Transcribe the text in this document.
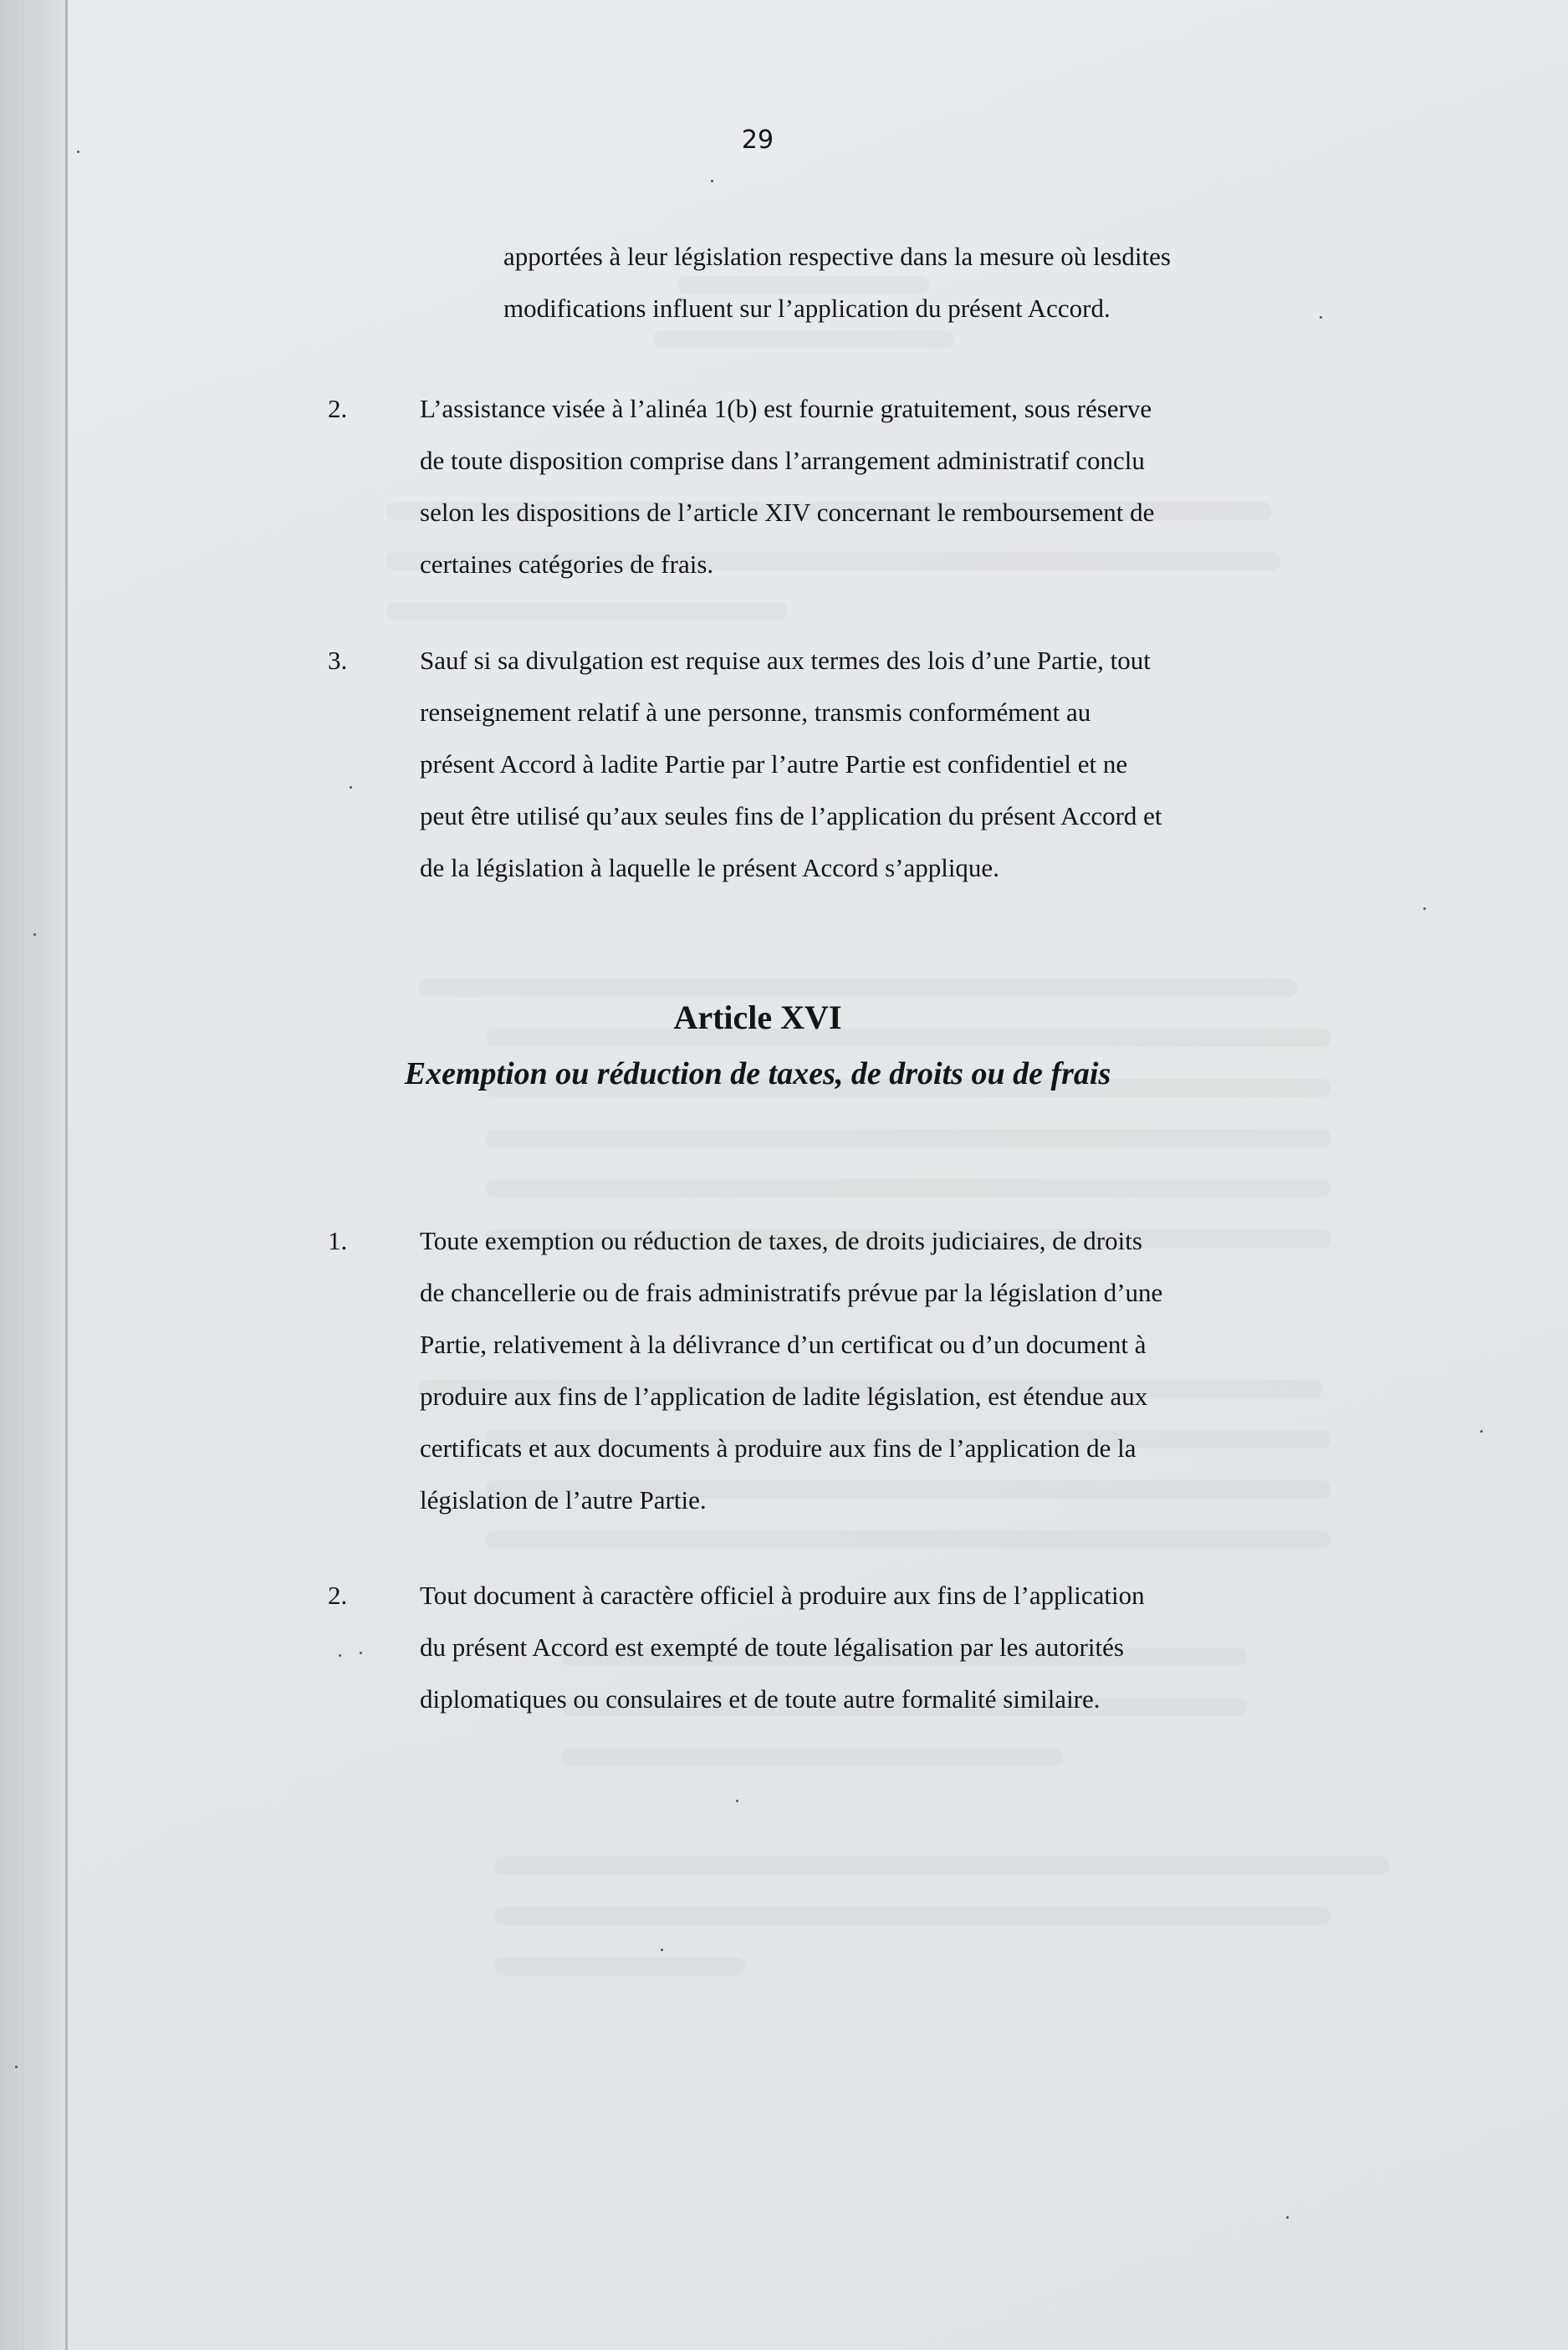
29
apportées à leur législation respective dans la mesure où lesdites
modifications influent sur l’application du présent Accord.
2.	L’assistance visée à l’alinéa 1(b) est fournie gratuitement, sous réserve
de toute disposition comprise dans l’arrangement administratif conclu
selon les dispositions de l’article XIV concernant le remboursement de
certaines catégories de frais.
3.	Sauf si sa divulgation est requise aux termes des lois d’une Partie, tout
renseignement relatif à une personne, transmis conformément au
présent Accord à ladite Partie par l’autre Partie est confidentiel et ne
peut être utilisé qu’aux seules fins de l’application du présent Accord et
de la législation à laquelle le présent Accord s’applique.
Article XVI
Exemption ou réduction de taxes, de droits ou de frais
1.	Toute exemption ou réduction de taxes, de droits judiciaires, de droits
de chancellerie ou de frais administratifs prévue par la législation d’une
Partie, relativement à la délivrance d’un certificat ou d’un document à
produire aux fins de l’application de ladite législation, est étendue aux
certificats et aux documents à produire aux fins de l’application de la
législation de l’autre Partie.
2.	Tout document à caractère officiel à produire aux fins de l’application
du présent Accord est exempté de toute légalisation par les autorités
diplomatiques ou consulaires et de toute autre formalité similaire.
